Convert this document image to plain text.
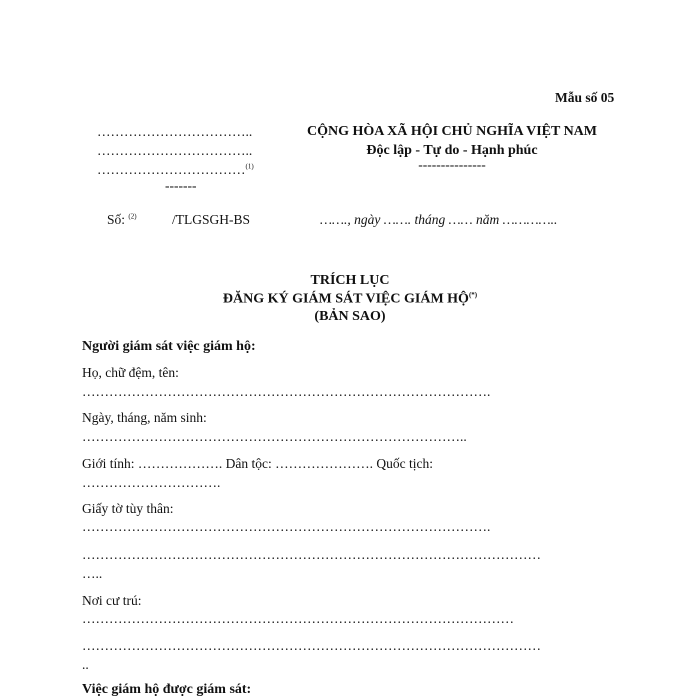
Mẫu số 05
……………………………..
……………………………..
……………………………$^{(1)}$
-------
CỘNG HÒA XÃ HỘI CHỦ NGHĨA VIỆT NAM
Độc lập - Tự do - Hạnh phúc
---------------
Số: $^{(2)}$	/TLGSGH-BS	……., ngày ……. tháng …… năm …………..
TRÍCH LỤC
ĐĂNG KÝ GIÁM SÁT VIỆC GIÁM HỘ(*)
(BẢN SAO)
Người giám sát việc giám hộ:
Họ, chữ đệm, tên:
……………………………………………………………………………….
Ngày, tháng, năm sinh:
…………………………………………………………………………..
Giới tính: ………………. Dân tộc: …………………. Quốc tịch:
………………………….
Giấy tờ tùy thân:
……………………………………………………………………………….
…………………………………………………………………………………………
…..
Nơi cư trú:
……………………………………………………………………………………
…………………………………………………………………………………………
..
Việc giám hộ được giám sát:
